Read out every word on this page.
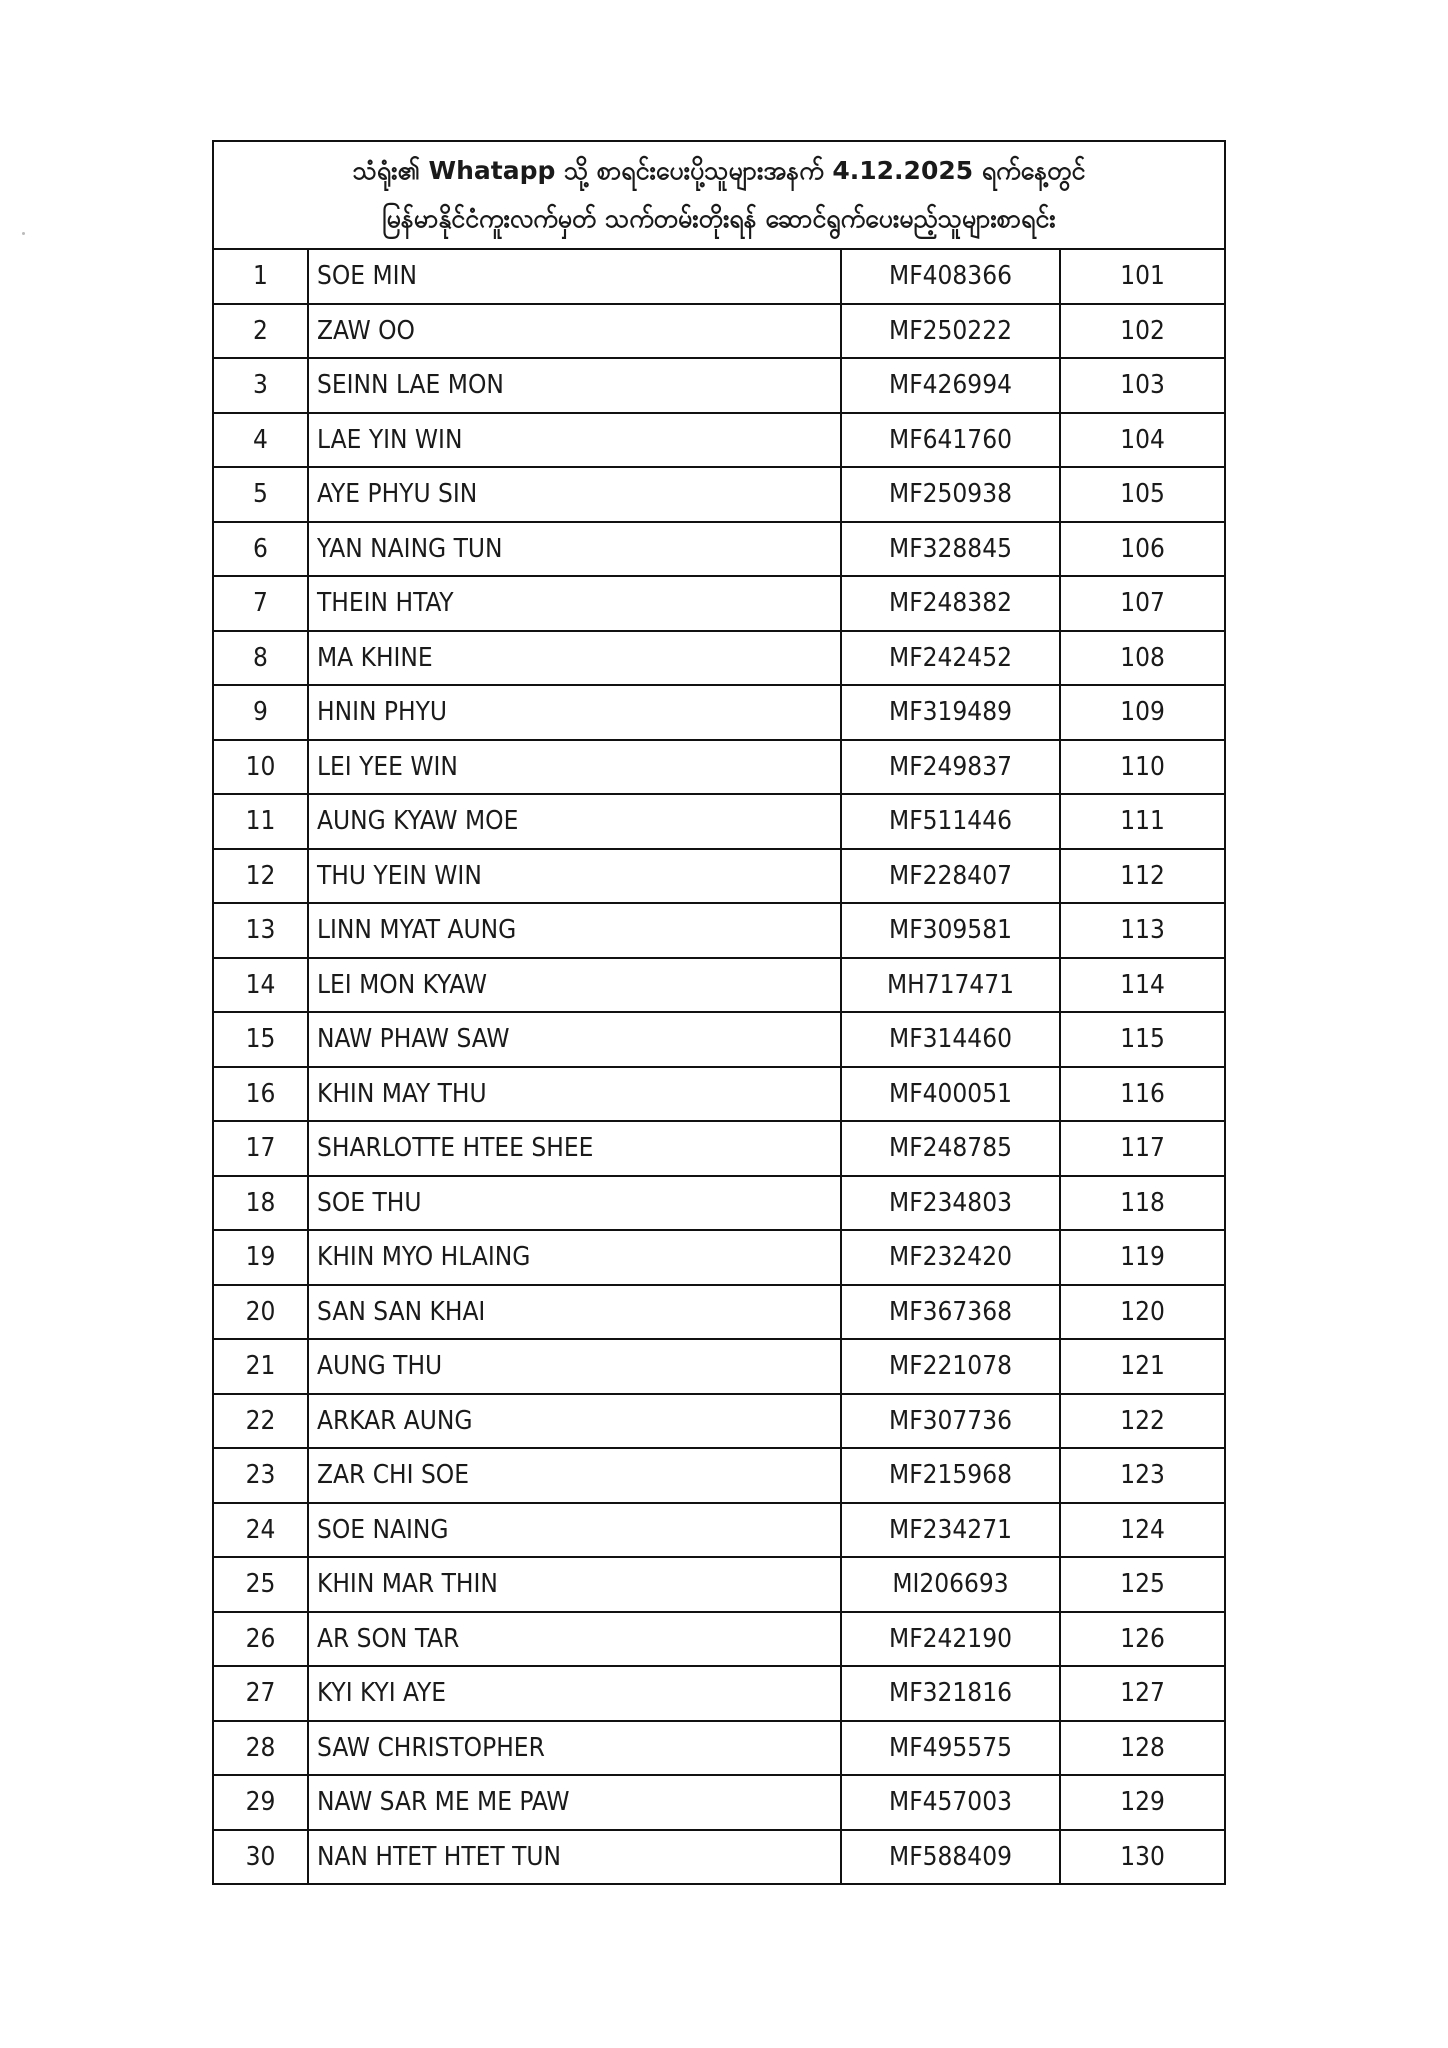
သံရုံး၏ Whatapp သို့ စာရင်းပေးပို့သူများအနက် 4.12.2025 ရက်နေ့တွင်
မြန်မာနိုင်ငံကူးလက်မှတ် သက်တမ်းတိုးရန် ဆောင်ရွက်ပေးမည့်သူများစာရင်း			

1	SOE MIN	MF408366	101
2	ZAW OO	MF250222	102
3	SEINN LAE MON	MF426994	103
4	LAE YIN WIN	MF641760	104
5	AYE PHYU SIN	MF250938	105
6	YAN NAING TUN	MF328845	106
7	THEIN HTAY	MF248382	107
8	MA KHINE	MF242452	108
9	HNIN PHYU	MF319489	109
10	LEI YEE WIN	MF249837	110
11	AUNG KYAW MOE	MF511446	111
12	THU YEIN WIN	MF228407	112
13	LINN MYAT AUNG	MF309581	113
14	LEI MON KYAW	MH717471	114
15	NAW PHAW SAW	MF314460	115
16	KHIN MAY THU	MF400051	116
17	SHARLOTTE HTEE SHEE	MF248785	117
18	SOE THU	MF234803	118
19	KHIN MYO HLAING	MF232420	119
20	SAN SAN KHAI	MF367368	120
21	AUNG THU	MF221078	121
22	ARKAR AUNG	MF307736	122
23	ZAR CHI SOE	MF215968	123
24	SOE NAING	MF234271	124
25	KHIN MAR THIN	MI206693	125
26	AR SON TAR	MF242190	126
27	KYI KYI AYE	MF321816	127
28	SAW CHRISTOPHER	MF495575	128
29	NAW SAR ME ME PAW	MF457003	129
30	NAN HTET HTET TUN	MF588409	130
